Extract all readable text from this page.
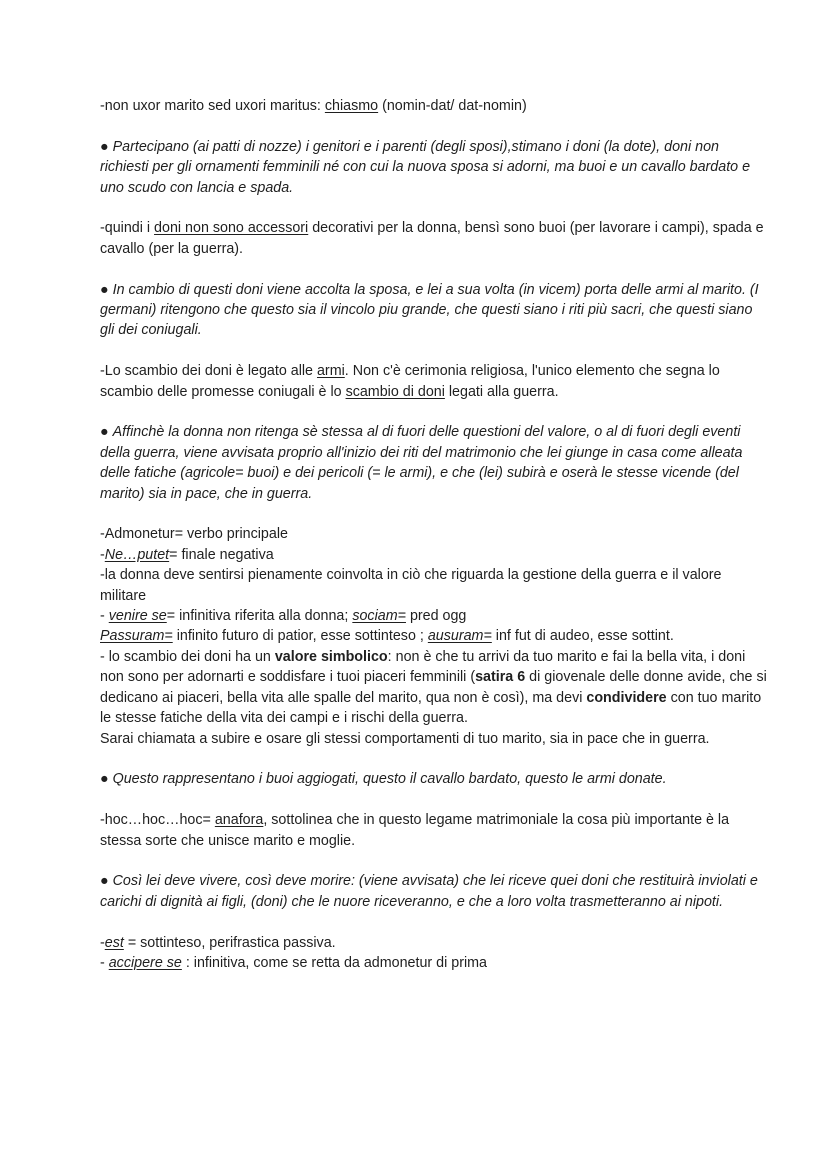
-non uxor marito sed uxori maritus: chiasmo (nomin-dat/ dat-nomin)

● Partecipano (ai patti di nozze) i genitori e i parenti (degli sposi),stimano i doni (la dote), doni non richiesti per gli ornamenti femminili né con cui la nuova sposa si adorni, ma buoi e un cavallo bardato e uno scudo con lancia e spada.

-quindi i doni non sono accessori decorativi per la donna, bensì sono buoi (per lavorare i campi), spada e cavallo (per la guerra).

● In cambio di questi doni viene accolta la sposa, e lei a sua volta (in vicem) porta delle armi al marito. (I germani) ritengono che questo sia il vincolo piu grande, che questi siano i riti più sacri, che questi siano gli dei coniugali.

-Lo scambio dei doni è legato alle armi. Non c'è cerimonia religiosa, l'unico elemento che segna lo scambio delle promesse coniugali è lo scambio di doni legati alla guerra.

● Affinchè la donna non ritenga sè stessa al di fuori delle questioni del valore, o al di fuori degli eventi della guerra, viene avvisata proprio all'inizio dei riti del matrimonio che lei giunge in casa come alleata delle fatiche (agricole= buoi) e dei pericoli (= le armi), e che (lei) subirà e oserà le stesse vicende (del marito) sia in pace, che in guerra.

-Admonetur= verbo principale
-Ne…putet= finale negativa
-la donna deve sentirsi pienamente coinvolta in ciò che riguarda la gestione della guerra e il valore militare
- venire se= infinitiva riferita alla donna; sociam= pred ogg
Passuram= infinito futuro di patior, esse sottinteso ; ausuram= inf fut di audeo, esse sottint.
- lo scambio dei doni ha un valore simbolico: non è che tu arrivi da tuo marito e fai la bella vita, i doni non sono per adornarti e soddisfare i tuoi piaceri femminili (satira 6 di giovenale delle donne avide, che si dedicano ai piaceri, bella vita alle spalle del marito, qua non è così), ma devi condividere con tuo marito le stesse fatiche della vita dei campi e i rischi della guerra.
Sarai chiamata a subire e osare gli stessi comportamenti di tuo marito, sia in pace che in guerra.

● Questo rappresentano i buoi aggiogati, questo il cavallo bardato, questo le armi donate.

-hoc…hoc…hoc= anafora, sottolinea che in questo legame matrimoniale la cosa più importante è la stessa sorte che unisce marito e moglie.

● Così lei deve vivere, così deve morire: (viene avvisata) che lei riceve quei doni che restituirà inviolati e carichi di dignità ai figli, (doni) che le nuore riceveranno, e che a loro volta trasmetteranno ai nipoti.

-est = sottinteso, perifrastica passiva.
- accipere se : infinitiva, come se retta da admonetur di prima
